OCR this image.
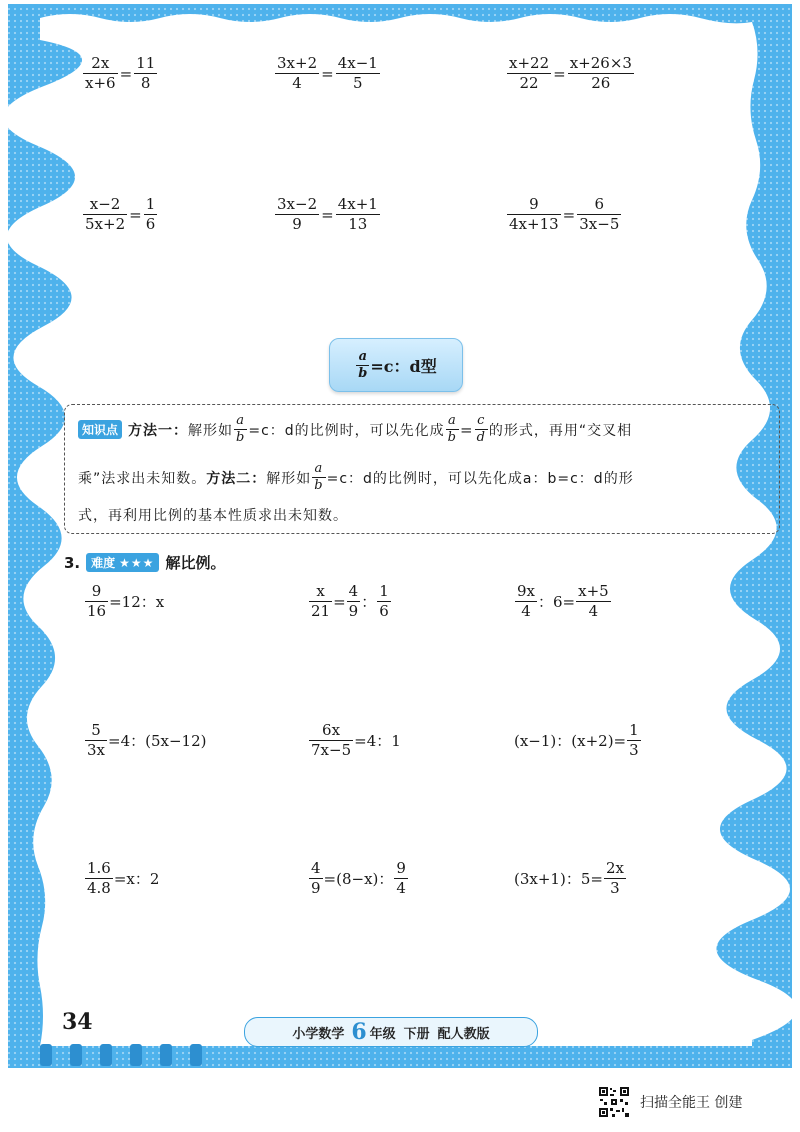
$\frac{2x}{x+6} = \frac{11}{8}$	$\frac{3x+2}{4} = \frac{4x-1}{5}$	$\frac{x+22}{22} = \frac{x+26\times 3}{26}$
$\frac{x-2}{5x+2} = \frac{1}{6}$	$\frac{3x-2}{9} = \frac{4x+1}{13}$	$\frac{9}{4x+13} = \frac{6}{3x-5}$
$\frac{a}{b} =c$：d 型
知识点 方法一： 解形如 $\frac{a}{b} =c$：d的比例时，可以先化成 $\frac{a}{b} = \frac{c}{d}$ 的形式，再用“交叉相
乘”法求出未知数。 方法二： 解形如 $\frac{a}{b} =c$：d的比例时，可以先化成a：b=c：d的形
式，再利用比例的基本性质求出未知数。
3. 难度 ★★★ 解比例。
$\frac{9}{16} =12$：x	$\frac{x}{21} = \frac{4}{9}$ ： $\frac{1}{6}$	$\frac{9x}{4}$ ：$6= \frac{x+5}{4}$
$\frac{5}{3x} =4$：(5x−12)	$\frac{6x}{7x-5} =4$：1	(x−1)：$(x+2)= \frac{1}{3}$
$\frac{1.6}{4.8} =x$：2	$\frac{4}{9} =(8-x)$： $\frac{9}{4}$	(3x+1)：$5= \frac{2x}{3}$
34	小学数学 6 年级 下册 配人教版
扫描全能王 创建
